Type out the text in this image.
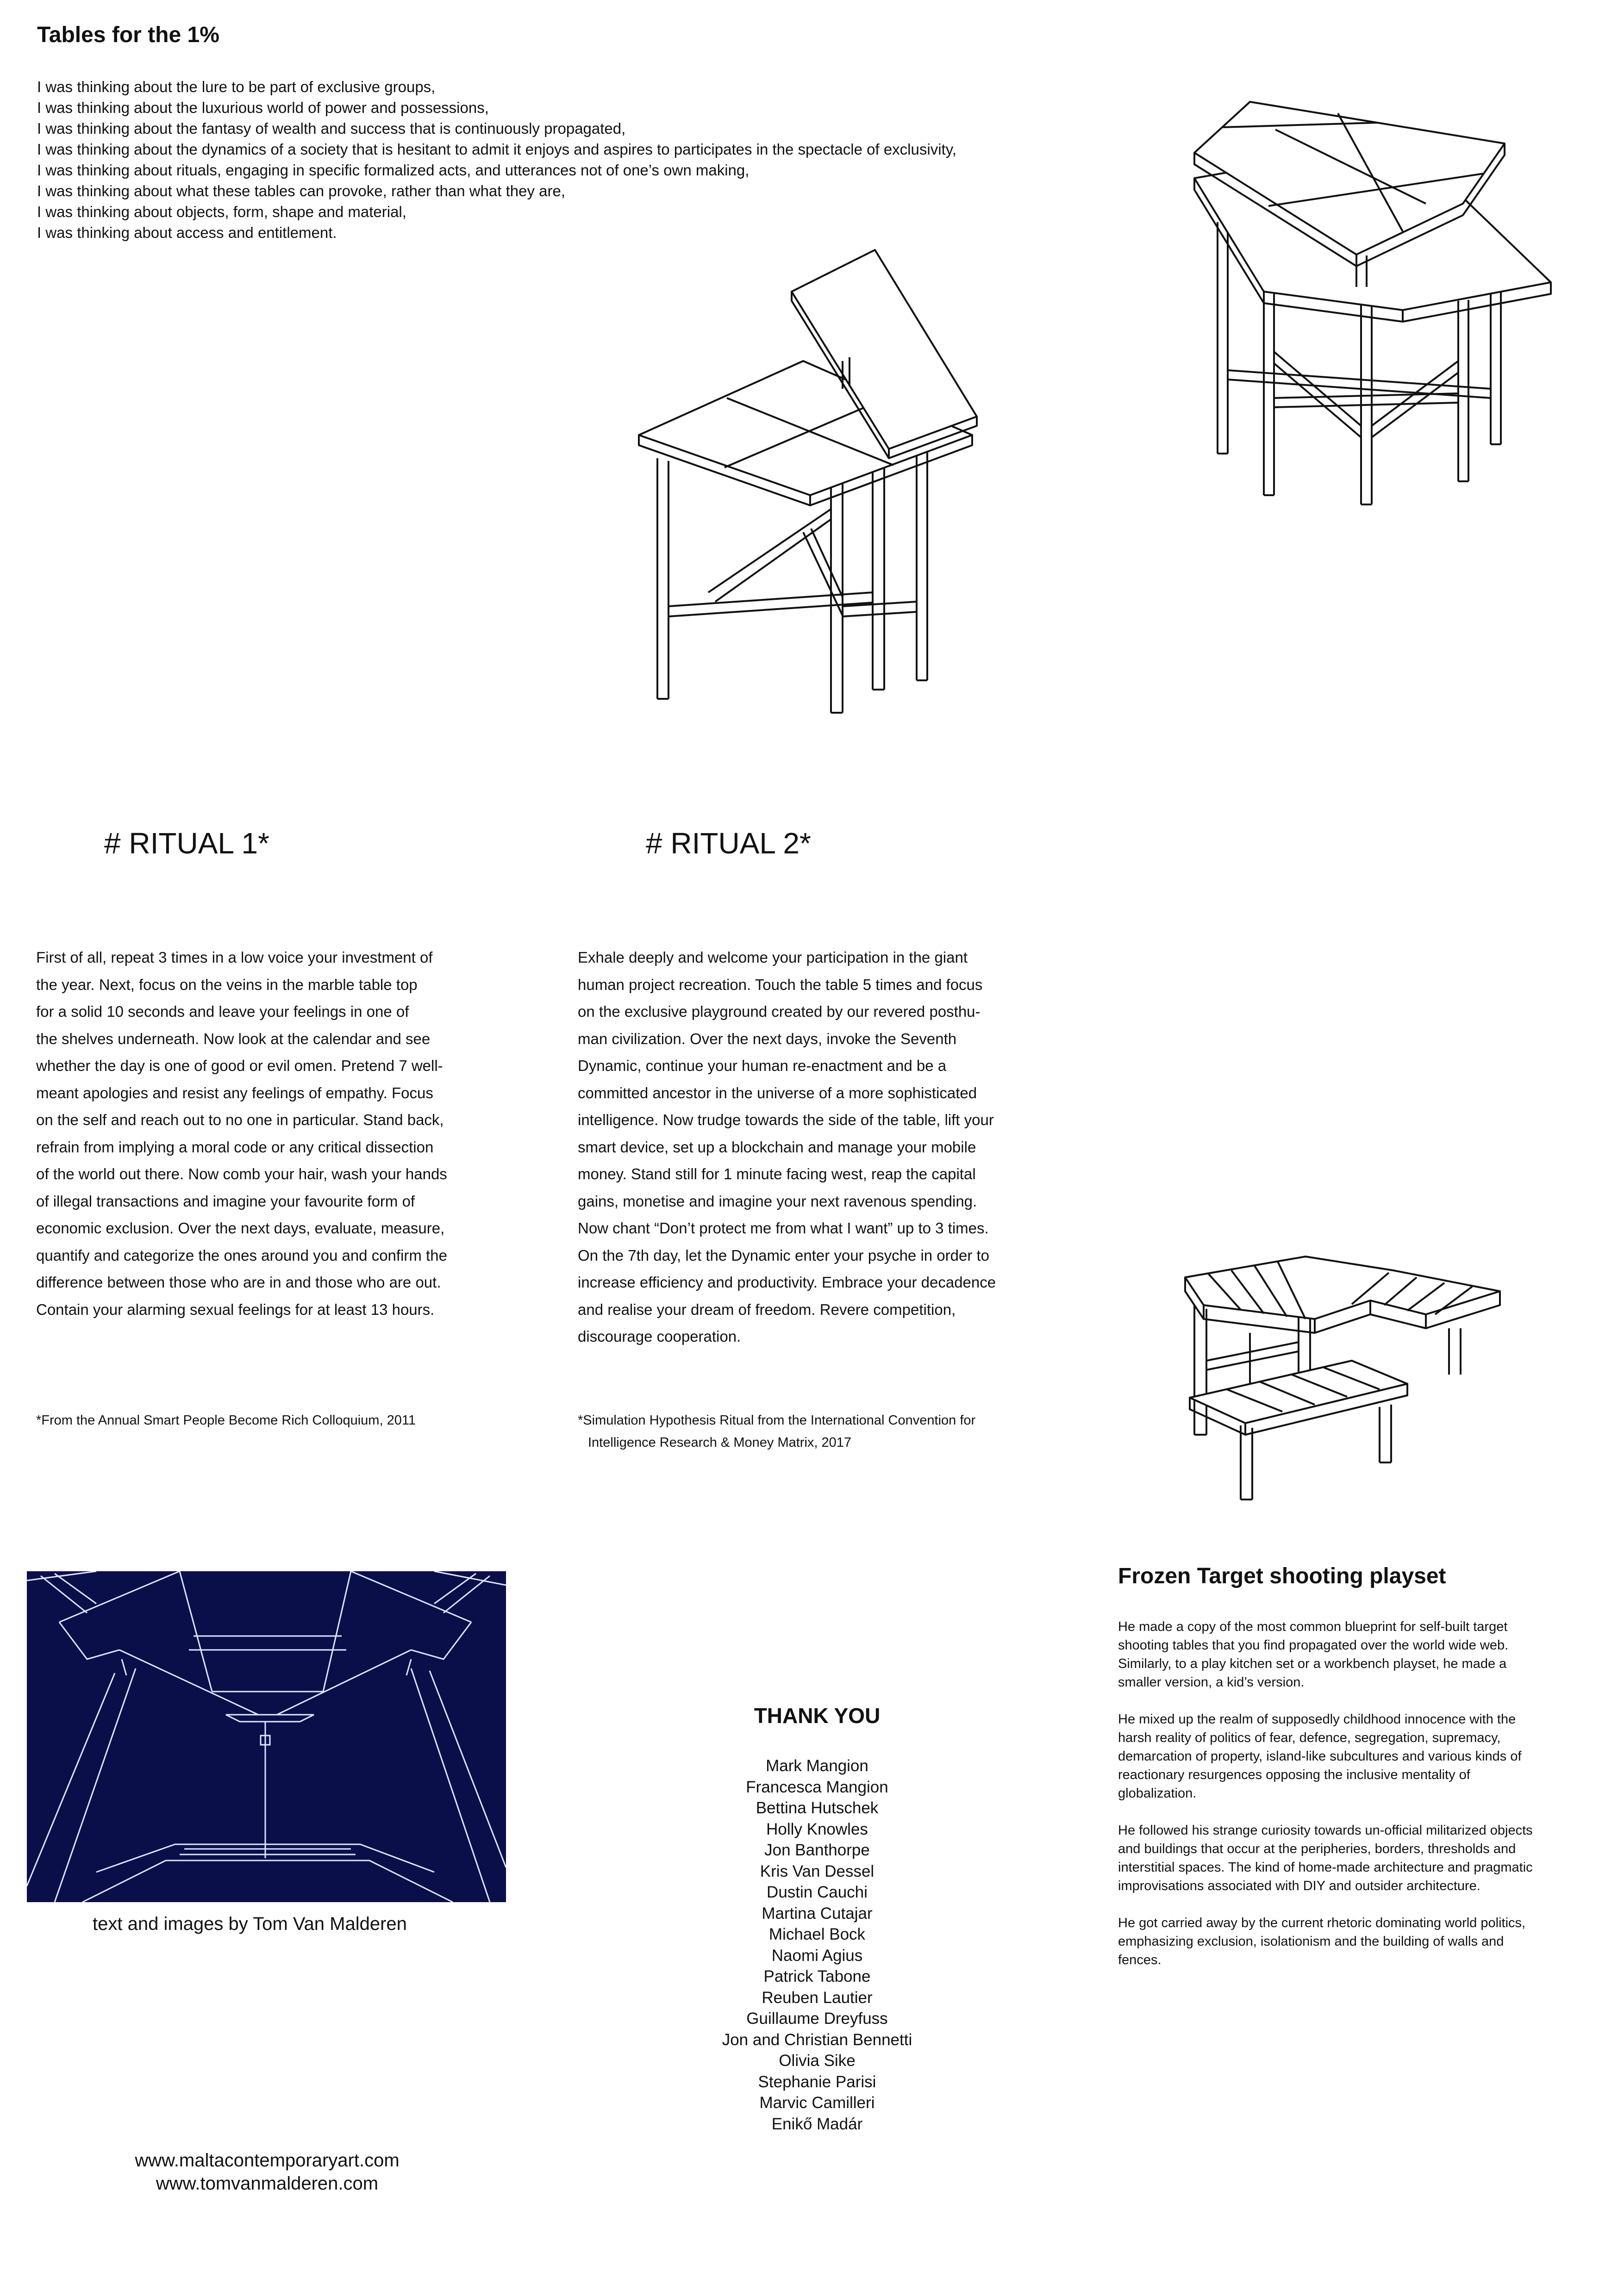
Tables for the 1%
I was thinking about the lure to be part of exclusive groups,
I was thinking about the luxurious world of power and possessions,
I was thinking about the fantasy of wealth and success that is continuously propagated,
I was thinking about the dynamics of a society that is hesitant to admit it enjoys and aspires to participates in the spectacle of exclusivity,
I was thinking about rituals, engaging in specific formalized acts, and utterances not of one’s own making,
I was thinking about what these tables can provoke, rather than what they are,
I was thinking about objects, form, shape and material,
I was thinking about access and entitlement.
# RITUAL 1*	# RITUAL 2*
First of all, repeat 3 times in a low voice your investment of
the year. Next, focus on the veins in the marble table top
for a solid 10 seconds and leave your feelings in one of
the shelves underneath. Now look at the calendar and see
whether the day is one of good or evil omen. Pretend 7 well-
meant apologies and resist any feelings of empathy. Focus
on the self and reach out to no one in particular. Stand back,
refrain from implying a moral code or any critical dissection
of the world out there. Now comb your hair, wash your hands
of illegal transactions and imagine your favourite form of
economic exclusion. Over the next days, evaluate, measure,
quantify and categorize the ones around you and confirm the
difference between those who are in and those who are out.
Contain your alarming sexual feelings for at least 13 hours.
Exhale deeply and welcome your participation in the giant
human project recreation. Touch the table 5 times and focus
on the exclusive playground created by our revered posthu-
man civilization. Over the next days, invoke the Seventh
Dynamic, continue your human re-enactment and be a
committed ancestor in the universe of a more sophisticated
intelligence. Now trudge towards the side of the table, lift your
smart device, set up a blockchain and manage your mobile
money. Stand still for 1 minute facing west, reap the capital
gains, monetise and imagine your next ravenous spending.
Now chant “Don’t protect me from what I want” up to 3 times.
On the 7th day, let the Dynamic enter your psyche in order to
increase efficiency and productivity. Embrace your decadence
and realise your dream of freedom. Revere competition,
discourage cooperation.
*From the Annual Smart People Become Rich Colloquium, 2011	*Simulation Hypothesis Ritual from the International Convention for
Intelligence Research & Money Matrix, 2017
text and images by Tom Van Malderen
www.maltacontemporaryart.com
www.tomvanmalderen.com
THANK YOU
Mark Mangion
Francesca Mangion
Bettina Hutschek
Holly Knowles
Jon Banthorpe
Kris Van Dessel
Dustin Cauchi
Martina Cutajar
Michael Bock
Naomi Agius
Patrick Tabone
Reuben Lautier
Guillaume Dreyfuss
Jon and Christian Bennetti
Olivia Sike
Stephanie Parisi
Marvic Camilleri
Enikő Madár
Frozen Target shooting playset
He made a copy of the most common blueprint for self-built target
shooting tables that you find propagated over the world wide web.
Similarly, to a play kitchen set or a workbench playset, he made a
smaller version, a kid’s version.
He mixed up the realm of supposedly childhood innocence with the
harsh reality of politics of fear, defence, segregation, supremacy,
demarcation of property, island-like subcultures and various kinds of
reactionary resurgences opposing the inclusive mentality of
globalization.
He followed his strange curiosity towards un-official militarized objects
and buildings that occur at the peripheries, borders, thresholds and
interstitial spaces. The kind of home-made architecture and pragmatic
improvisations associated with DIY and outsider architecture.
He got carried away by the current rhetoric dominating world politics,
emphasizing exclusion, isolationism and the building of walls and
fences.
